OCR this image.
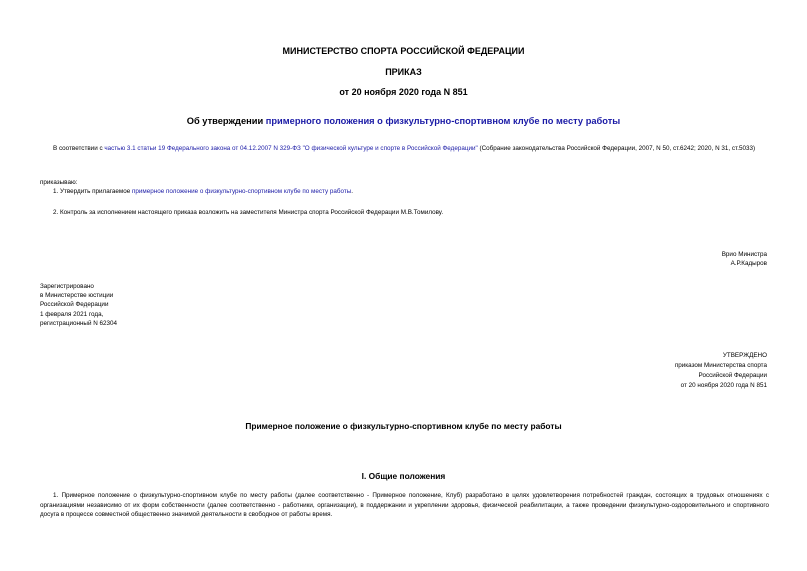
МИНИСТЕРСТВО СПОРТА РОССИЙСКОЙ ФЕДЕРАЦИИ
ПРИКАЗ
от 20 ноября 2020 года N 851
Об утверждении примерного положения о физкультурно-спортивном клубе по месту работы
В соответствии с частью 3.1 статьи 19 Федерального закона от 04.12.2007 N 329-ФЗ "О физической культуре и спорте в Российской Федерации" (Собрание законодательства Российской Федерации, 2007, N 50, ст.6242; 2020, N 31, ст.5033)
приказываю:
1. Утвердить прилагаемое примерное положение о физкультурно-спортивном клубе по месту работы.
2. Контроль за исполнением настоящего приказа возложить на заместителя Министра спорта Российской Федерации М.В.Томилову.
Врио Министра
А.Р.Кадыров
Зарегистрировано
в Министерстве юстиции
Российской Федерации
1 февраля 2021 года,
регистрационный N 62304
УТВЕРЖДЕНО
приказом Министерства спорта
Российской Федерации
от 20 ноября 2020 года N 851
Примерное положение о физкультурно-спортивном клубе по месту работы
I. Общие положения
1. Примерное положение о физкультурно-спортивном клубе по месту работы (далее соответственно - Примерное положение, Клуб) разработано в целях удовлетворения потребностей граждан, состоящих в трудовых отношениях с организациями независимо от их форм собственности (далее соответственно - работники, организации), в поддержании и укреплении здоровья, физической реабилитации, а также проведении физкультурно-оздоровительного и спортивного досуга в процессе совместной общественно значимой деятельности в свободное от работы время.
